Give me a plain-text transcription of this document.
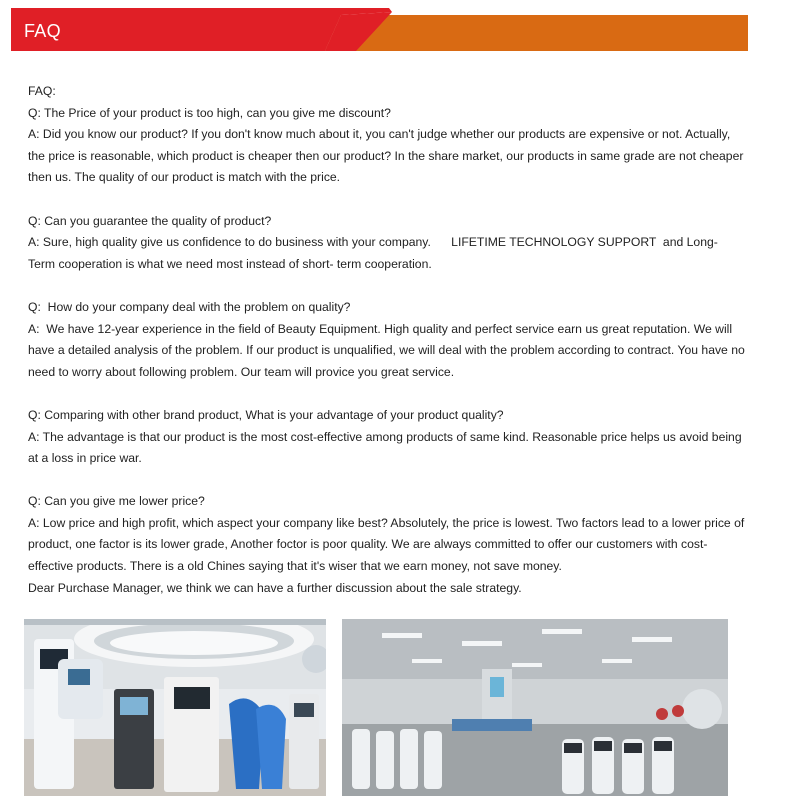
FAQ

FAQ:

Q: The Price of your product is too high, can you give me discount?

A: Did you know our product? If you don't know much about it, you can't judge whether our products are expensive or not. Actually, the price is reasonable, which product is cheaper then our product? In the share market, our products in same grade are not cheaper then us. The quality of our product is match with the price.

Q: Can you guarantee the quality of product?

A: Sure, high quality give us confidence to do business with your company.      LIFETIME TECHNOLOGY SUPPORT  and Long- Term cooperation is what we need most instead of short- term cooperation.

Q:  How do your company deal with the problem on quality?

A:  We have 12-year experience in the field of Beauty Equipment. High quality and perfect service earn us great reputation. We will have a detailed analysis of the problem. If our product is unqualified, we will deal with the problem according to contract. You have no need to worry about following problem. Our team will provice you great service.

Q: Comparing with other brand product, What is your advantage of your product quality?

A: The advantage is that our product is the most cost-effective among products of same kind. Reasonable price helps us avoid being at a loss in price war.

Q: Can you give me lower price?

A: Low price and high profit, which aspect your company like best? Absolutely, the price is lowest. Two factors lead to a lower price of product, one factor is its lower grade, Another foctor is poor quality. We are always committed to offer our customers with cost-effective products. There is a old Chines saying that it's wiser that we earn money, not save money.

Dear Purchase Manager, we think we can have a further discussion about the sale strategy.
